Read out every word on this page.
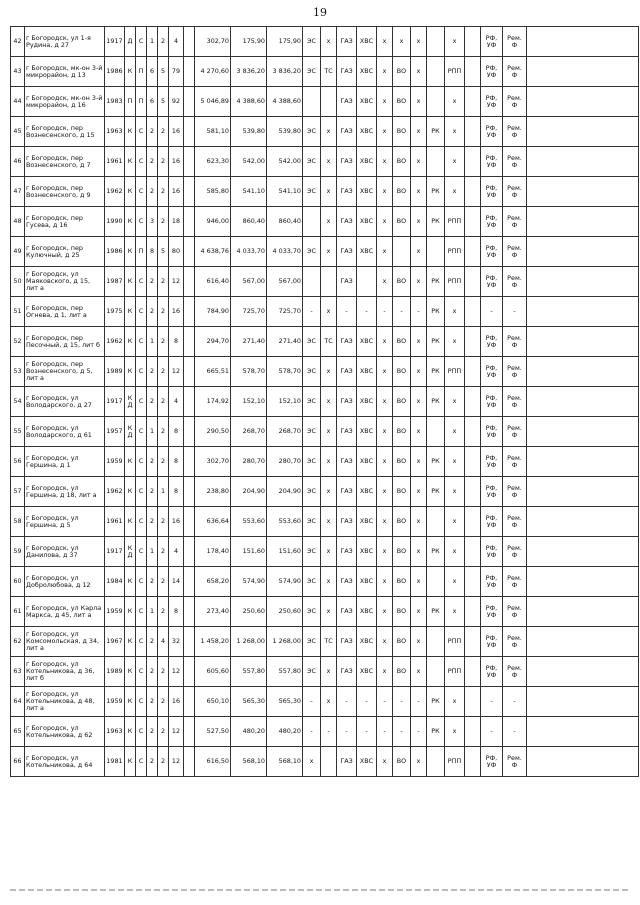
19
42	г Богородск, ул 1-я Рудина, д 27	1917	Д	С	1	2	4		302,70	175,90	175,90	ЭС	х	ГАЗ	ХВС	х	х	х		х		РФ, УФ	Рем. Ф	
43	г Богородск, мк-он 3-й микрорайон, д 13	1986	К	П	6	5	79		4 270,60	3 836,20	3 836,20	ЭС	ТС	ГАЗ	ХВС	х	ВО	х		РПП		РФ, УФ	Рем. Ф	
44	г Богородск, мк-он 3-й микрорайон, д 16	1983	П	П	6	5	92		5 046,89	4 388,60	4 388,60			ГАЗ	ХВС	х	ВО	х		х		РФ, УФ	Рем. Ф	
45	г Богородск, пер Вознесенского, д 15	1963	К	С	2	2	16		581,10	539,80	539,80	ЭС	х	ГАЗ	ХВС	х	ВО	х	РК	х		РФ, УФ	Рем. Ф	
46	г Богородск, пер Вознесенского, д 7	1961	К	С	2	2	16		623,30	542,00	542,00	ЭС	х	ГАЗ	ХВС	х	ВО	х		х		РФ, УФ	Рем. Ф	
47	г Богородск, пер Вознесенского, д 9	1962	К	С	2	2	16		585,80	541,10	541,10	ЭС	х	ГАЗ	ХВС	х	ВО	х	РК	х		РФ, УФ	Рем. Ф	
48	г Богородск, пер Гусева, д 16	1990	К	С	3	2	18		946,00	860,40	860,40		х	ГАЗ	ХВС	х	ВО	х	РК	РПП		РФ, УФ	Рем. Ф	
49	г Богородск, пер Кулючный, д 25	1986	К	П	8	5	80		4 638,76	4 033,70	4 033,70	ЭС	х	ГАЗ	ХВС	х		х		РПП		РФ, УФ	Рем. Ф	
50	г Богородск, ул Маяковского, д 15, лит а	1987	К	С	2	2	12		616,40	567,00	567,00			ГАЗ		х	ВО	х	РК	РПП		РФ, УФ	Рем. Ф	
51	г Богородск, пер Огнева, д 1, лит а	1975	К	С	2	2	16		784,90	725,70	725,70	-	х	-	-	-	-	-	РК	х		-	-	
52	г Богородск, пер Песочный, д 15, лит б	1962	К	С	1	2	8		294,70	271,40	271,40	ЭС	ТС	ГАЗ	ХВС	х	ВО	х	РК	х		РФ, УФ	Рем. Ф	
53	г Богородск, пер Вознесенского, д 5, лит а	1989	К	С	2	2	12		665,51	578,70	578,70	ЭС	х	ГАЗ	ХВС	х	ВО	х	РК	РПП		РФ, УФ	Рем. Ф	
54	г Богородск, ул Володарского, д 27	1917	К Д	С	2	2	4		174,92	152,10	152,10	ЭС	х	ГАЗ	ХВС	х	ВО	х	РК	х		РФ, УФ	Рем. Ф	
55	г Богородск, ул Володарского, д 61	1957	К Д	С	1	2	8		290,50	268,70	268,70	ЭС	х	ГАЗ	ХВС	х	ВО	х		х		РФ, УФ	Рем. Ф	
56	г Богородск, ул Гершина, д 1	1959	К	С	2	2	8		302,70	280,70	280,70	ЭС	х	ГАЗ	ХВС	х	ВО	х	РК	х		РФ, УФ	Рем. Ф	
57	г Богородск, ул Гершина, д 18, лит а	1962	К	С	2	1	8		238,80	204,90	204,90	ЭС	х	ГАЗ	ХВС	х	ВО	х	РК	х		РФ, УФ	Рем. Ф	
58	г Богородск, ул Гершина, д 5	1961	К	С	2	2	16		636,64	553,60	553,60	ЭС	х	ГАЗ	ХВС	х	ВО	х		х		РФ, УФ	Рем. Ф	
59	г Богородск, ул Данилова, д 37	1917	К Д	С	1	2	4		178,40	151,60	151,60	ЭС	х	ГАЗ	ХВС	х	ВО	х	РК	х		РФ, УФ	Рем. Ф	
60	г Богородск, ул Добролюбова, д 12	1984	К	С	2	2	14		658,20	574,90	574,90	ЭС	х	ГАЗ	ХВС	х	ВО	х		х		РФ, УФ	Рем. Ф	
61	г Богородск, ул Карла Маркса, д 45, лит а	1959	К	С	1	2	8		273,40	250,60	250,60	ЭС	х	ГАЗ	ХВС	х	ВО	х	РК	х		РФ, УФ	Рем. Ф	
62	г Богородск, ул Комсомольская, д 34, лит а	1967	К	С	2	4	32		1 458,20	1 268,00	1 268,00	ЭС	ТС	ГАЗ	ХВС	х	ВО	х		РПП		РФ, УФ	Рем. Ф	
63	г Богородск, ул Котельникова, д 36, лит б	1989	К	С	2	2	12		605,60	557,80	557,80	ЭС	х	ГАЗ	ХВС	х	ВО	х		РПП		РФ, УФ	Рем. Ф	
64	г Богородск, ул Котельникова, д 48, лит а	1959	К	С	2	2	16		650,10	565,30	565,30	-	х	-	-	-	-	-	РК	х		-	-	
65	г Богородск, ул Котельникова, д 62	1963	К	С	2	2	12		527,50	480,20	480,20	-	-	-	-	-	-	-	РК	х		-	-	
66	г Богородск, ул Котельникова, д 64	1981	К	С	2	2	12		616,50	568,10	568,10	х		ГАЗ	ХВС	х	ВО	х		РПП		РФ, УФ	Рем. Ф	
